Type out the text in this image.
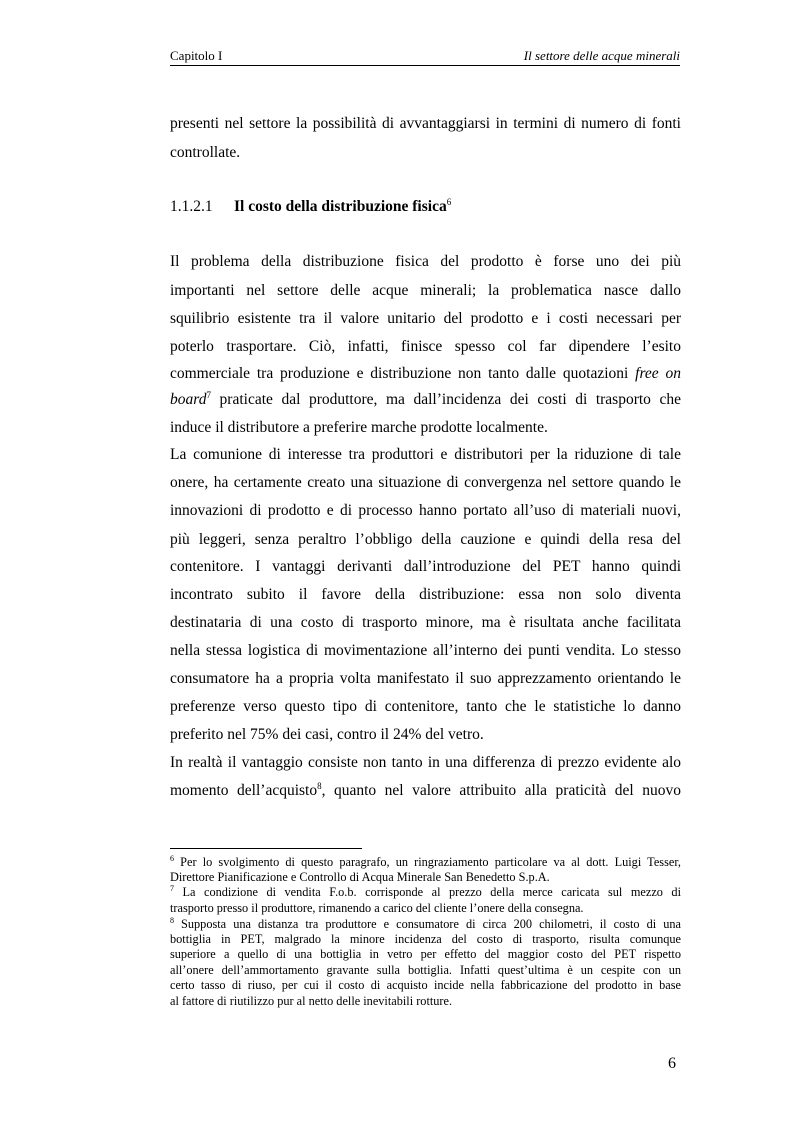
Capitolo I	Il settore delle acque minerali
presenti nel settore la possibilità di avvantaggiarsi in termini di numero di fonti
controllate.
1.1.2.1 Il costo della distribuzione fisica$^6$
Il problema della distribuzione fisica del prodotto è forse uno dei più
importanti nel settore delle acque minerali; la problematica nasce dallo
squilibrio esistente tra il valore unitario del prodotto e i costi necessari per
poterlo trasportare. Ciò, infatti, finisce spesso col far dipendere l’esito
commerciale tra produzione e distribuzione non tanto dalle quotazioni free on
board$^7$ praticate dal produttore, ma dall’incidenza dei costi di trasporto che
induce il distributore a preferire marche prodotte localmente.
La comunione di interesse tra produttori e distributori per la riduzione di tale
onere, ha certamente creato una situazione di convergenza nel settore quando le
innovazioni di prodotto e di processo hanno portato all’uso di materiali nuovi,
più leggeri, senza peraltro l’obbligo della cauzione e quindi della resa del
contenitore. I vantaggi derivanti dall’introduzione del PET hanno quindi
incontrato subito il favore della distribuzione: essa non solo diventa
destinataria di una costo di trasporto minore, ma è risultata anche facilitata
nella stessa logistica di movimentazione all’interno dei punti vendita. Lo stesso
consumatore ha a propria volta manifestato il suo apprezzamento orientando le
preferenze verso questo tipo di contenitore, tanto che le statistiche lo danno
preferito nel 75% dei casi, contro il 24% del vetro.
In realtà il vantaggio consiste non tanto in una differenza di prezzo evidente alo
momento dell’acquisto$^8$, quanto nel valore attribuito alla praticità del nuovo
$^6$ Per lo svolgimento di questo paragrafo, un ringraziamento particolare va al dott. Luigi Tesser,
Direttore Pianificazione e Controllo di Acqua Minerale San Benedetto S.p.A.
$^7$ La condizione di vendita F.o.b. corrisponde al prezzo della merce caricata sul mezzo di
trasporto presso il produttore, rimanendo a carico del cliente l’onere della consegna.
$^8$ Supposta una distanza tra produttore e consumatore di circa 200 chilometri, il costo di una
bottiglia in PET, malgrado la minore incidenza del costo di trasporto, risulta comunque
superiore a quello di una bottiglia in vetro per effetto del maggior costo del PET rispetto
all’onere dell’ammortamento gravante sulla bottiglia. Infatti quest’ultima è un cespite con un
certo tasso di riuso, per cui il costo di acquisto incide nella fabbricazione del prodotto in base
al fattore di riutilizzo pur al netto delle inevitabili rotture.
6
